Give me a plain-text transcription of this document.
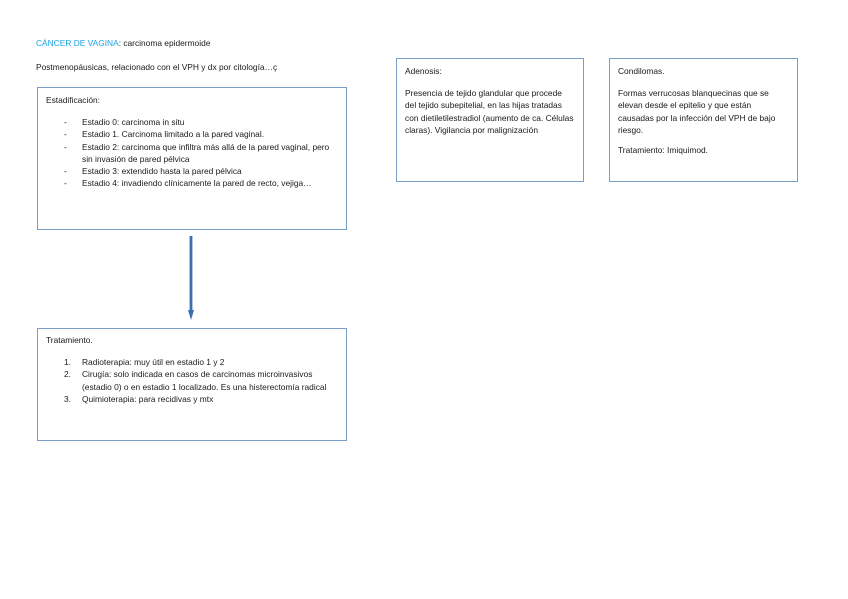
CÁNCER DE VAGINA: carcinoma epidermoide
Postmenopáusicas, relacionado con el VPH y dx por citología…ç
Estadificación:
- Estadio 0: carcinoma in situ
- Estadio 1. Carcinoma limitado a la pared vaginal.
- Estadio 2: carcinoma que infiltra más allá de la pared vaginal, pero sin invasión de pared pélvica
- Estadio 3: extendido hasta la pared pélvica
- Estadio 4: invadiendo clínicamente la pared de recto, vejiga…
Tratamiento.
1. Radioterapia: muy útil en estadio 1 y 2
2. Cirugía: solo indicada en casos de carcinomas microinvasivos (estadio 0) o en estadio 1 localizado. Es una histerectomía radical
3. Quimioterapia: para recidivas y mtx
Adenosis:
Presencia de tejido glandular que procede del tejido subepitelial, en las hijas tratadas con dietiletilestradiol (aumento de ca. Células claras). Vigilancia por malignización
Condilomas.
Formas verrucosas blanquecinas que se elevan desde el epitelio y que están causadas por la infección del VPH de bajo riesgo.
Tratamiento: Imiquimod.
